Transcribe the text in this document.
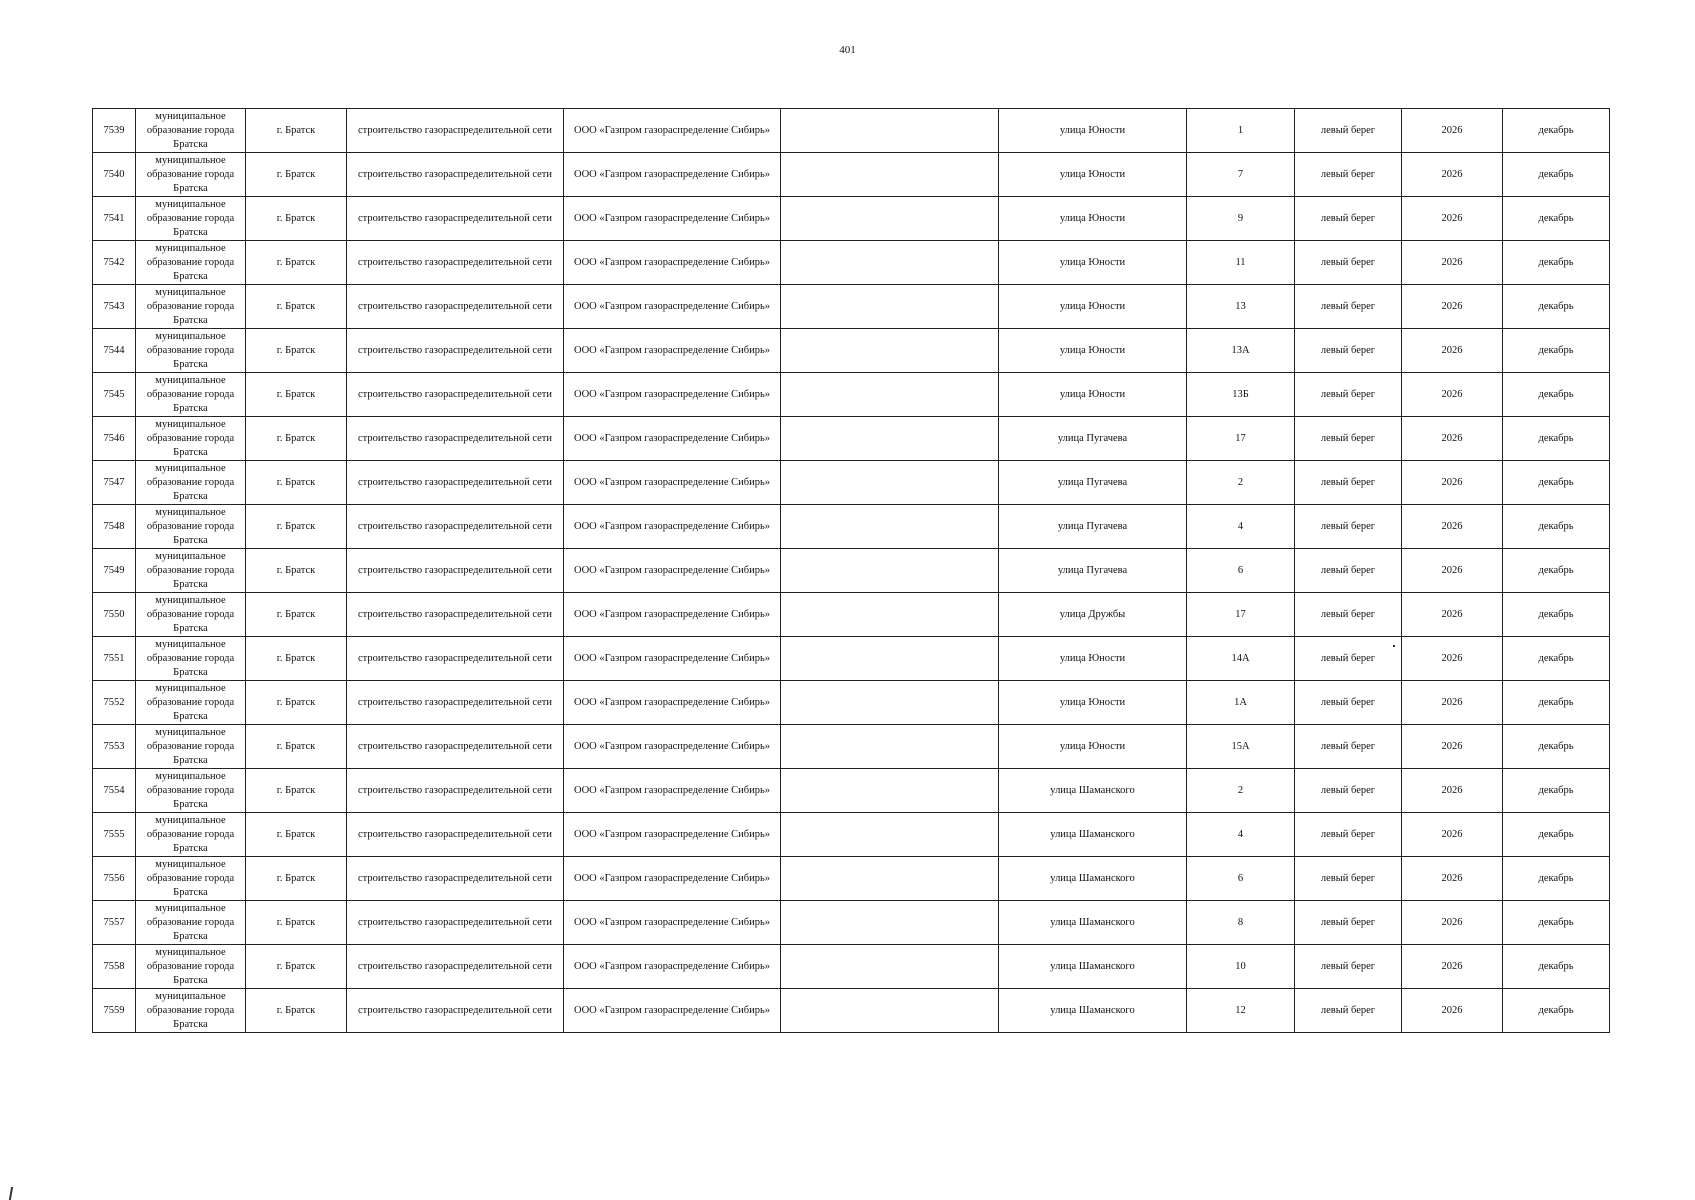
401
7539	муниципальное образование города Братска	г. Братск	строительство газораспределительной сети	ООО «Газпром газораспределение Сибирь»		улица Юности	1	левый берег	2026	декабрь
7540	муниципальное образование города Братска	г. Братск	строительство газораспределительной сети	ООО «Газпром газораспределение Сибирь»		улица Юности	7	левый берег	2026	декабрь
7541	муниципальное образование города Братска	г. Братск	строительство газораспределительной сети	ООО «Газпром газораспределение Сибирь»		улица Юности	9	левый берег	2026	декабрь
7542	муниципальное образование города Братска	г. Братск	строительство газораспределительной сети	ООО «Газпром газораспределение Сибирь»		улица Юности	11	левый берег	2026	декабрь
7543	муниципальное образование города Братска	г. Братск	строительство газораспределительной сети	ООО «Газпром газораспределение Сибирь»		улица Юности	13	левый берег	2026	декабрь
7544	муниципальное образование города Братска	г. Братск	строительство газораспределительной сети	ООО «Газпром газораспределение Сибирь»		улица Юности	13А	левый берег	2026	декабрь
7545	муниципальное образование города Братска	г. Братск	строительство газораспределительной сети	ООО «Газпром газораспределение Сибирь»		улица Юности	13Б	левый берег	2026	декабрь
7546	муниципальное образование города Братска	г. Братск	строительство газораспределительной сети	ООО «Газпром газораспределение Сибирь»		улица Пугачева	17	левый берег	2026	декабрь
7547	муниципальное образование города Братска	г. Братск	строительство газораспределительной сети	ООО «Газпром газораспределение Сибирь»		улица Пугачева	2	левый берег	2026	декабрь
7548	муниципальное образование города Братска	г. Братск	строительство газораспределительной сети	ООО «Газпром газораспределение Сибирь»		улица Пугачева	4	левый берег	2026	декабрь
7549	муниципальное образование города Братска	г. Братск	строительство газораспределительной сети	ООО «Газпром газораспределение Сибирь»		улица Пугачева	6	левый берег	2026	декабрь
7550	муниципальное образование города Братска	г. Братск	строительство газораспределительной сети	ООО «Газпром газораспределение Сибирь»		улица Дружбы	17	левый берег	2026	декабрь
7551	муниципальное образование города Братска	г. Братск	строительство газораспределительной сети	ООО «Газпром газораспределение Сибирь»		улица Юности	14А	левый берег	2026	декабрь
7552	муниципальное образование города Братска	г. Братск	строительство газораспределительной сети	ООО «Газпром газораспределение Сибирь»		улица Юности	1А	левый берег	2026	декабрь
7553	муниципальное образование города Братска	г. Братск	строительство газораспределительной сети	ООО «Газпром газораспределение Сибирь»		улица Юности	15А	левый берег	2026	декабрь
7554	муниципальное образование города Братска	г. Братск	строительство газораспределительной сети	ООО «Газпром газораспределение Сибирь»		улица Шаманского	2	левый берег	2026	декабрь
7555	муниципальное образование города Братска	г. Братск	строительство газораспределительной сети	ООО «Газпром газораспределение Сибирь»		улица Шаманского	4	левый берег	2026	декабрь
7556	муниципальное образование города Братска	г. Братск	строительство газораспределительной сети	ООО «Газпром газораспределение Сибирь»		улица Шаманского	6	левый берег	2026	декабрь
7557	муниципальное образование города Братска	г. Братск	строительство газораспределительной сети	ООО «Газпром газораспределение Сибирь»		улица Шаманского	8	левый берег	2026	декабрь
7558	муниципальное образование города Братска	г. Братск	строительство газораспределительной сети	ООО «Газпром газораспределение Сибирь»		улица Шаманского	10	левый берег	2026	декабрь
7559	муниципальное образование города Братска	г. Братск	строительство газораспределительной сети	ООО «Газпром газораспределение Сибирь»		улица Шаманского	12	левый берег	2026	декабрь
